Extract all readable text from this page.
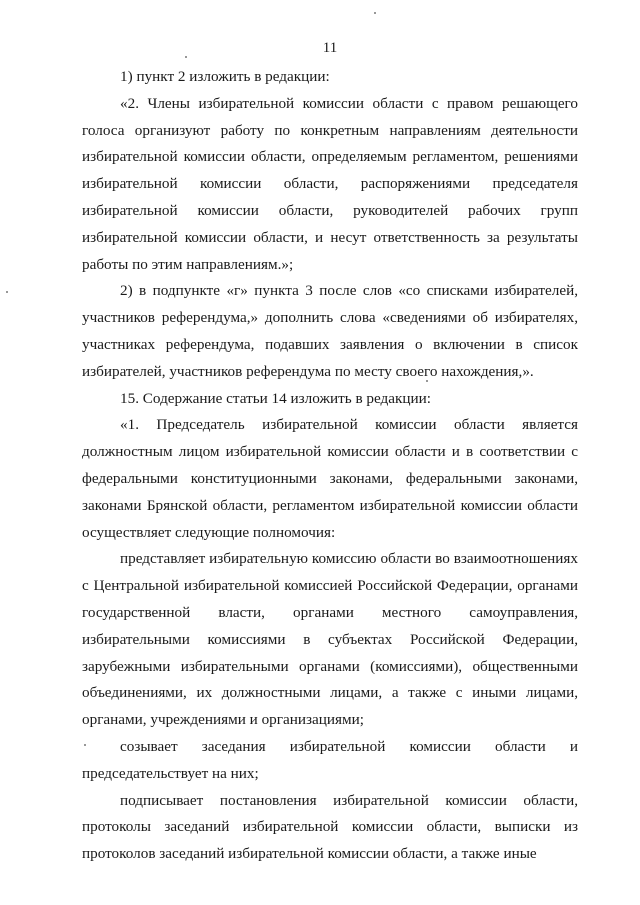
11

1) пункт 2 изложить в редакции:

«2. Члены избирательной комиссии области с правом решающего голоса организуют работу по конкретным направлениям деятельности избирательной комиссии области, определяемым регламентом, решениями избирательной комиссии области, распоряжениями председателя избирательной комиссии области, руководителей рабочих групп избирательной комиссии области, и несут ответственность за результаты работы по этим направлениям.»;

2) в подпункте «г» пункта 3 после слов «со списками избирателей, участников референдума,» дополнить слова «сведениями об избирателях, участниках референдума, подавших заявления о включении в список избирателей, участников референдума по месту своего нахождения,».

15. Содержание статьи 14 изложить в редакции:

«1. Председатель избирательной комиссии области является должностным лицом избирательной комиссии области и в соответствии с федеральными конституционными законами, федеральными законами, законами Брянской области, регламентом избирательной комиссии области осуществляет следующие полномочия:

представляет избирательную комиссию области во взаимоотношениях с Центральной избирательной комиссией Российской Федерации, органами государственной власти, органами местного самоуправления, избирательными комиссиями в субъектах Российской Федерации, зарубежными избирательными органами (комиссиями), общественными объединениями, их должностными лицами, а также с иными лицами, органами, учреждениями и организациями;

созывает заседания избирательной комиссии области и председательствует на них;

подписывает постановления избирательной комиссии области, протоколы заседаний избирательной комиссии области, выписки из протоколов заседаний избирательной комиссии области, а также иные
